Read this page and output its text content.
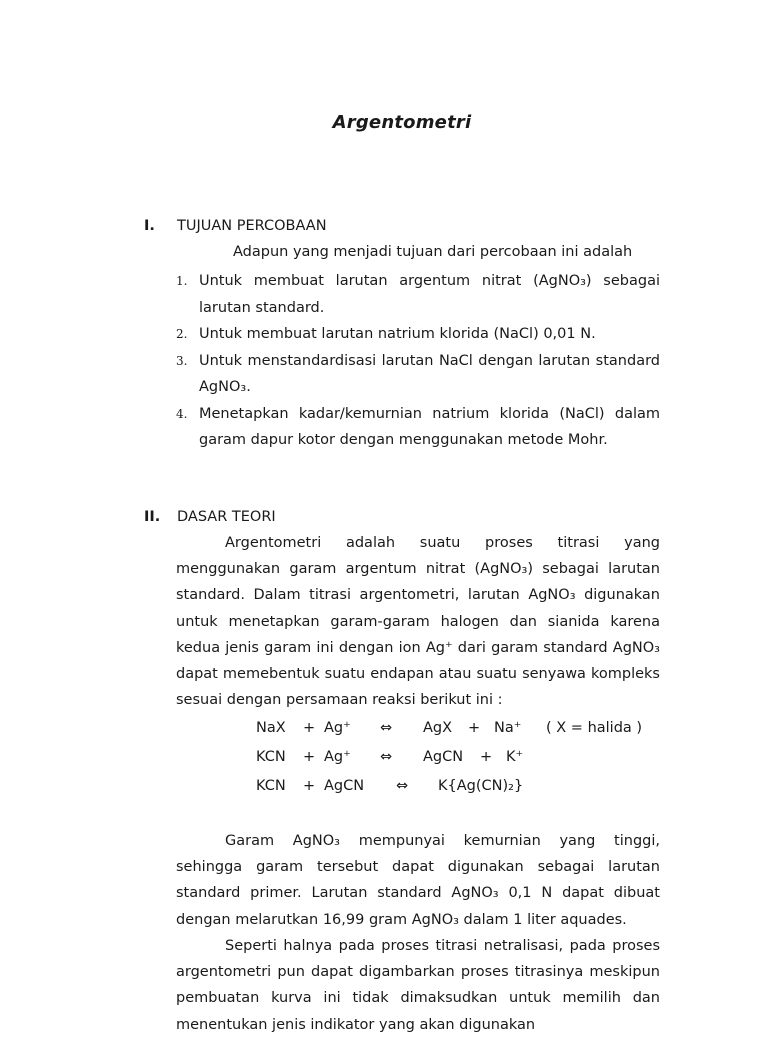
Argentometri
I. TUJUAN PERCOBAAN
Adapun yang menjadi tujuan dari percobaan ini adalah
1. Untuk membuat larutan argentum nitrat (AgNO₃) sebagai larutan standard.
2. Untuk membuat larutan natrium klorida (NaCl) 0,01 N.
3. Untuk menstandardisasi larutan NaCl dengan larutan standard AgNO₃.
4. Menetapkan kadar/kemurnian natrium klorida (NaCl) dalam garam dapur kotor dengan menggunakan metode Mohr.
II. DASAR TEORI

Argentometri adalah suatu proses titrasi yang menggunakan garam argentum nitrat (AgNO₃) sebagai larutan standard. Dalam titrasi argentometri, larutan AgNO₃ digunakan untuk menetapkan garam-garam halogen dan sianida karena kedua jenis garam ini dengan ion Ag⁺ dari garam standard AgNO₃ dapat memebentuk suatu endapan atau suatu senyawa kompleks sesuai dengan persamaan reaksi berikut ini :

NaX + Ag⁺ ⇔ AgX + Na⁺ ( X = halida )
KCN + Ag⁺ ⇔ AgCN + K⁺
KCN + AgCN ⇔ K{Ag(CN)₂}

Garam AgNO₃ mempunyai kemurnian yang tinggi, sehingga garam tersebut dapat digunakan sebagai larutan standard primer. Larutan standard AgNO₃ 0,1 N dapat dibuat dengan melarutkan 16,99 gram AgNO₃ dalam 1 liter aquades.

Seperti halnya pada proses titrasi netralisasi, pada proses argentometri pun dapat digambarkan proses titrasinya meskipun pembuatan kurva ini tidak dimaksudkan untuk memilih dan menentukan jenis indikator yang akan digunakan
